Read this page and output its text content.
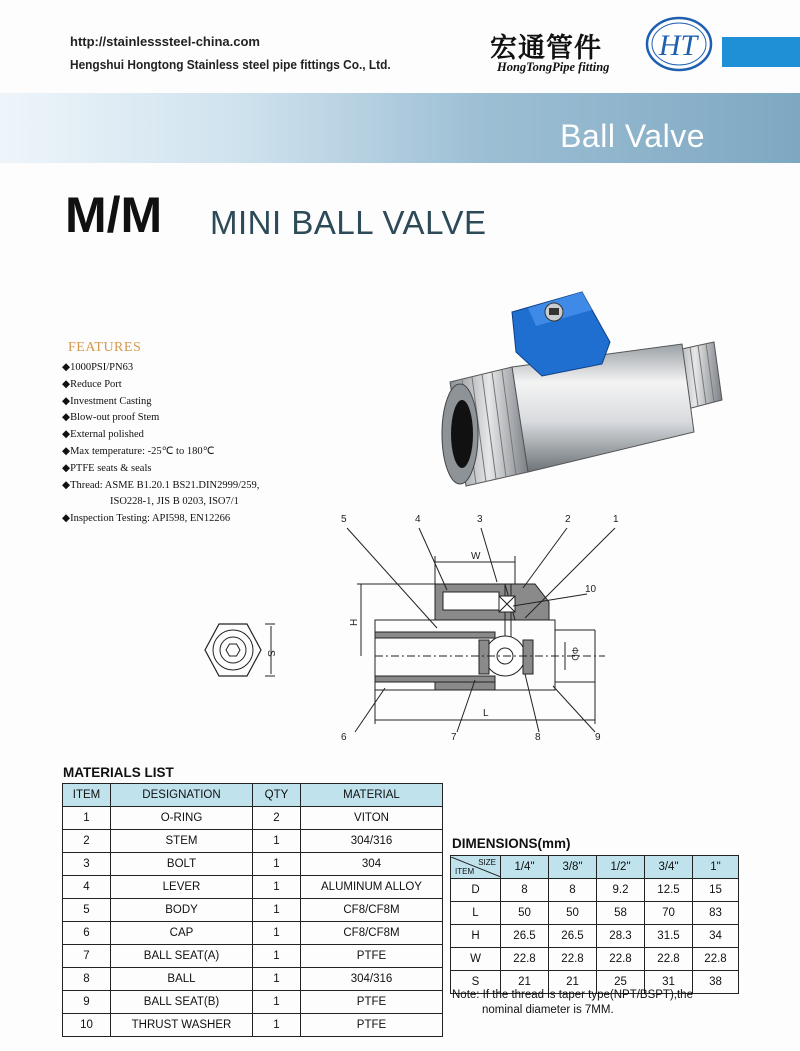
http://stainlesssteel-china.com
Hengshui Hongtong Stainless steel pipe fittings Co., Ltd.
宏通管件
HongTongPipe fitting
HT
Ball Valve
M/M MINI BALL VALVE
FEATURES
◆1000PSI/PN63
◆Reduce Port
◆Investment Casting
◆Blow-out proof Stem
◆External polished
◆Max temperature: -25℃ to 180℃
◆PTFE seats & seals
◆Thread: ASME B1.20.1 BS21.DIN2999/259,
ISO228-1, JIS B 0203, ISO7/1
◆Inspection Testing: API598, EN12266
S
W
H
L
ΦD
5	4	3	2	1
10
6	7	8	9
MATERIALS LIST
ITEM	DESIGNATION	QTY	MATERIAL
1	O-RING	2	VITON
2	STEM	1	304/316
3	BOLT	1	304
4	LEVER	1	ALUMINUM ALLOY
5	BODY	1	CF8/CF8M
6	CAP	1	CF8/CF8M
7	BALL SEAT(A)	1	PTFE
8	BALL	1	304/316
9	BALL SEAT(B)	1	PTFE
10	THRUST WASHER	1	PTFE
DIMENSIONS(mm)
SIZE
ITEM	1/4"	3/8"	1/2"	3/4"	1"
D	8	8	9.2	12.5	15
L	50	50	58	70	83
H	26.5	26.5	28.3	31.5	34
W	22.8	22.8	22.8	22.8	22.8
S	21	21	25	31	38
Note: If the thread is taper type(NPT/BSPT),the
nominal diameter is 7MM.
